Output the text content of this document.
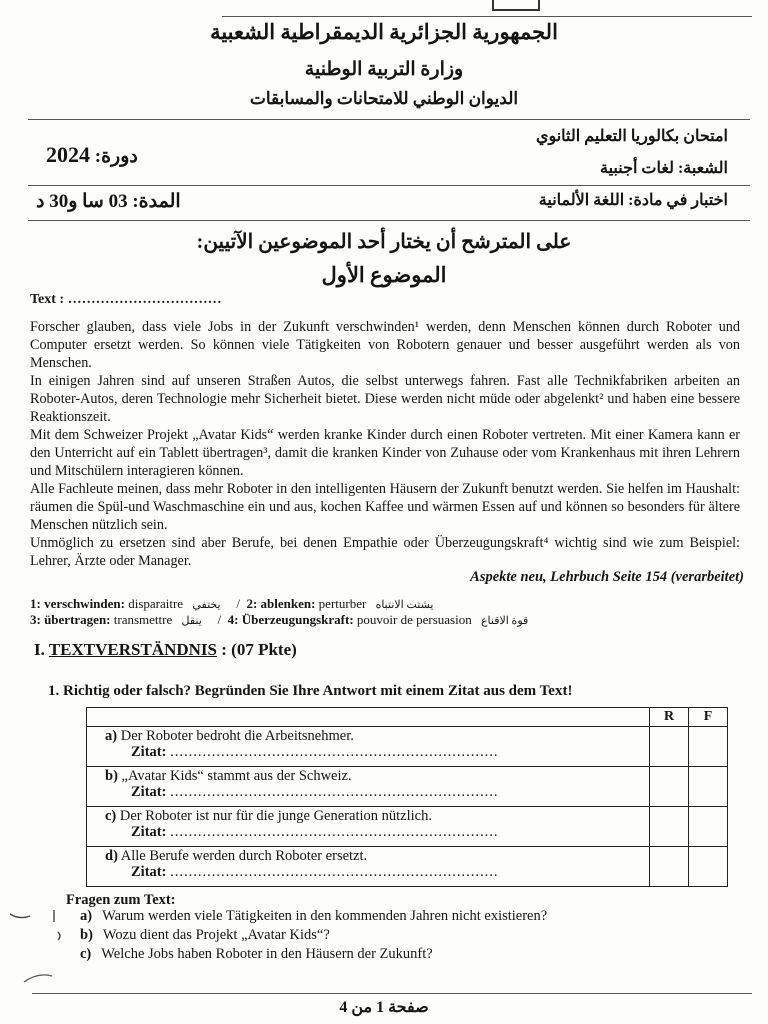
الجمهورية الجزائرية الديمقراطية الشعبية
وزارة التربية الوطنية
الديوان الوطني للامتحانات والمسابقات
امتحان بكالوريا التعليم الثانوي
الشعبة: لغات أجنبية
اختبار في مادة: اللغة الألمانية
دورة: 2024
المدة: 03 سا و30 د
على المترشح أن يختار أحد الموضوعين الآتيين:
الموضوع الأول
Text : ……………………………

Forscher glauben, dass viele Jobs in der Zukunft verschwinden¹ werden, denn Menschen können durch Roboter und Computer ersetzt werden. So können viele Tätigkeiten von Robotern genauer und besser ausgeführt werden als von Menschen.

In einigen Jahren sind auf unseren Straßen Autos, die selbst unterwegs fahren. Fast alle Technikfabriken arbeiten an Roboter-Autos, deren Technologie mehr Sicherheit bietet. Diese werden nicht müde oder abgelenkt² und haben eine bessere Reaktionszeit.

Mit dem Schweizer Projekt „Avatar Kids“ werden kranke Kinder durch einen Roboter vertreten. Mit einer Kamera kann er den Unterricht auf ein Tablett übertragen³, damit die kranken Kinder von Zuhause oder vom Krankenhaus mit ihren Lehrern und Mitschülern interagieren können.

Alle Fachleute meinen, dass mehr Roboter in den intelligenten Häusern der Zukunft benutzt werden. Sie helfen im Haushalt: räumen die Spül-und Waschmaschine ein und aus, kochen Kaffee und wärmen Essen auf und können so besonders für ältere Menschen nützlich sein.

Unmöglich zu ersetzen sind aber Berufe, bei denen Empathie oder Überzeugungskraft⁴ wichtig sind wie zum Beispiel: Lehrer, Ärzte oder Manager.

Aspekte neu, Lehrbuch Seite 154 (verarbeitet)
1: verschwinden: disparaitre يختفي / 2: ablenken: perturber يشتت الانتباه
3: übertragen: transmettre ينقل / 4: Überzeugungskraft: pouvoir de persuasion قوة الاقناع
I. TEXTVERSTÄNDNIS : (07 Pkte)
1. Richtig oder falsch? Begründen Sie Ihre Antwort mit einem Zitat aus dem Text!
	R	F
a) Der Roboter bedroht die Arbeitsnehmer.
Zitat: .......................................................................		
b) „Avatar Kids“ stammt aus der Schweiz.
Zitat: .......................................................................		
c) Der Roboter ist nur für die junge Generation nützlich.
Zitat: .......................................................................		
d) Alle Berufe werden durch Roboter ersetzt.
Zitat: .......................................................................		
Fragen zum Text:
a) Warum werden viele Tätigkeiten in den kommenden Jahren nicht existieren?
b) Wozu dient das Projekt „Avatar Kids“?
c) Welche Jobs haben Roboter in den Häusern der Zukunft?
صفحة 1 من 4
